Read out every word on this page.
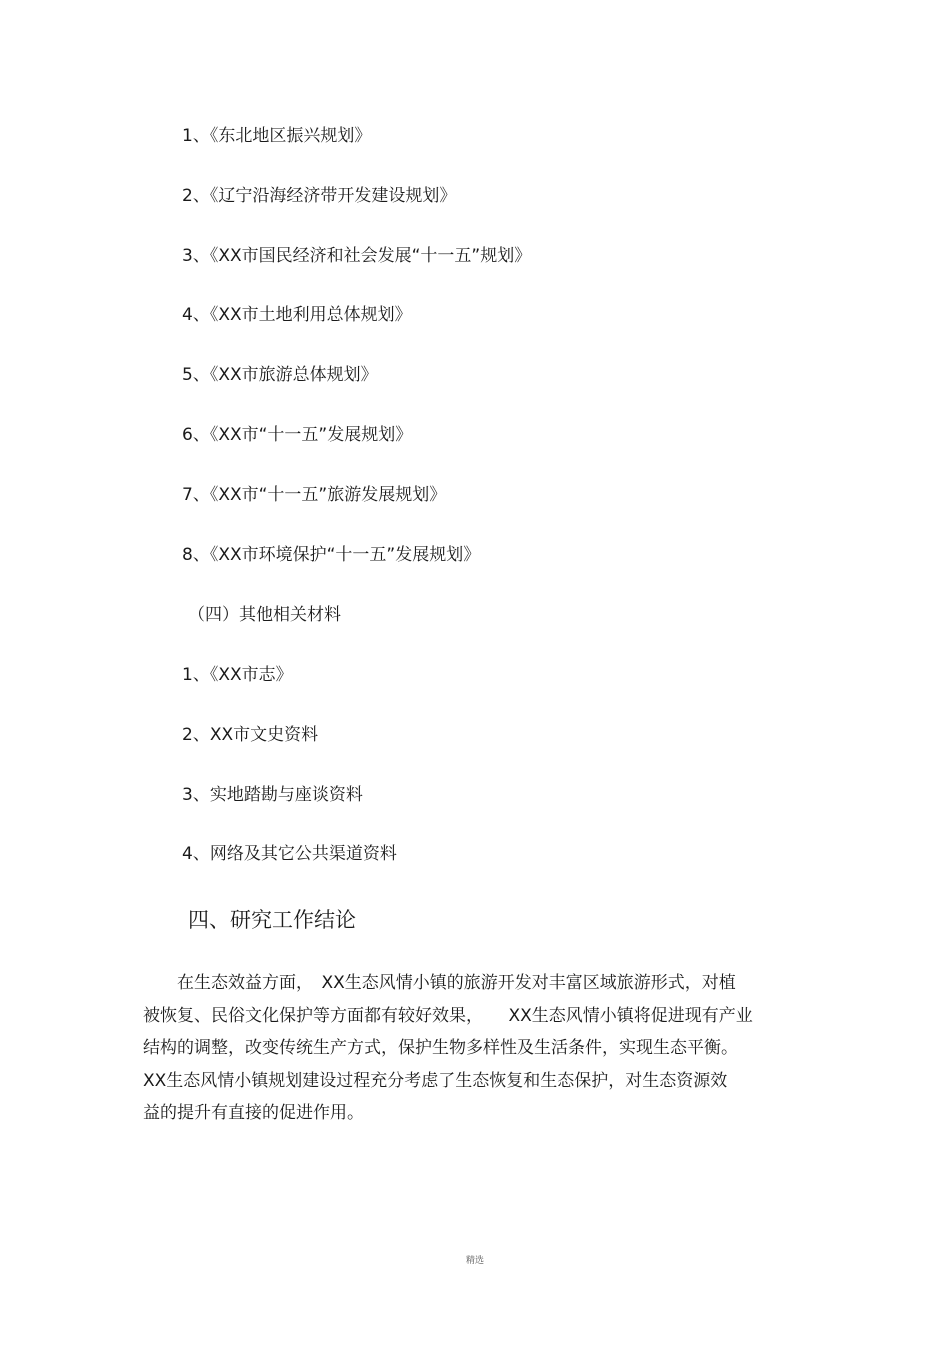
1、《东北地区振兴规划》
2、《辽宁沿海经济带开发建设规划》
3、《XX市国民经济和社会发展“十一五”规划》
4、《XX市土地利用总体规划》
5、《XX市旅游总体规划》
6、《XX市“十一五”发展规划》
7、《XX市“十一五”旅游发展规划》
8、《XX市环境保护“十一五”发展规划》
（四）其他相关材料
1、《XX市志》
2、XX市文史资料
3、实地踏勘与座谈资料
4、网络及其它公共渠道资料
四、研究工作结论
　　在生态效益方面，　XX生态风情小镇的旅游开发对丰富区域旅游形式，对植
被恢复、民俗文化保护等方面都有较好效果，　　XX生态风情小镇将促进现有产业
结构的调整，改变传统生产方式，保护生物多样性及生活条件，实现生态平衡。
XX生态风情小镇规划建设过程充分考虑了生态恢复和生态保护，对生态资源效
益的提升有直接的促进作用。
精选
